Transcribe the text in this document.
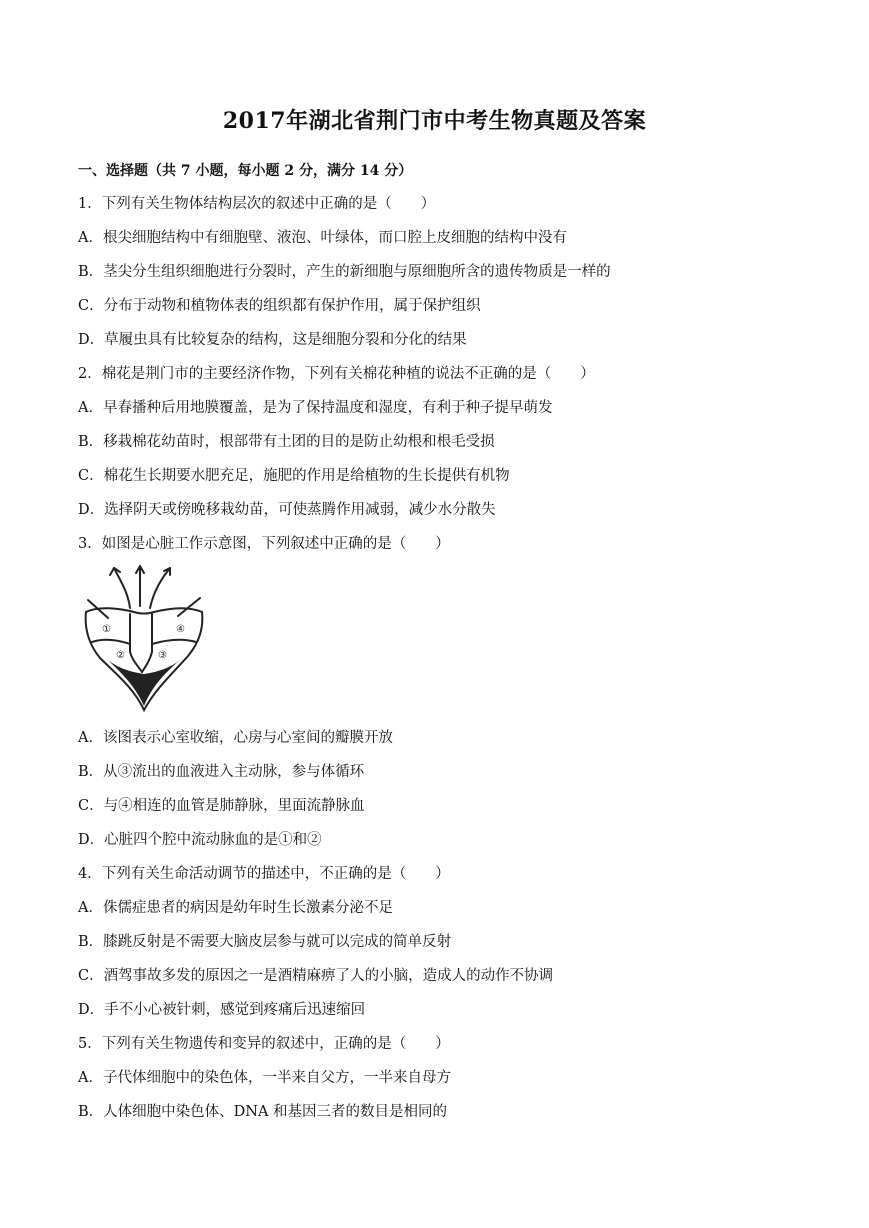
2017年湖北省荆门市中考生物真题及答案
一、选择题（共 7 小题，每小题 2 分，满分 14 分）
1．下列有关生物体结构层次的叙述中正确的是（　　）
A．根尖细胞结构中有细胞壁、液泡、叶绿体，而口腔上皮细胞的结构中没有
B．茎尖分生组织细胞进行分裂时，产生的新细胞与原细胞所含的遗传物质是一样的
C．分布于动物和植物体表的组织都有保护作用，属于保护组织
D．草履虫具有比较复杂的结构，这是细胞分裂和分化的结果
2．棉花是荆门市的主要经济作物，下列有关棉花种植的说法不正确的是（　　）
A．早春播种后用地膜覆盖，是为了保持温度和湿度，有利于种子提早萌发
B．移栽棉花幼苗时，根部带有土团的目的是防止幼根和根毛受损
C．棉花生长期要水肥充足，施肥的作用是给植物的生长提供有机物
D．选择阴天或傍晚移栽幼苗，可使蒸腾作用减弱，减少水分散失
3．如图是心脏工作示意图，下列叙述中正确的是（　　）
①
②	③
④
A．该图表示心室收缩，心房与心室间的瓣膜开放
B．从③流出的血液进入主动脉，参与体循环
C．与④相连的血管是肺静脉，里面流静脉血
D．心脏四个腔中流动脉血的是①和②
4．下列有关生命活动调节的描述中，不正确的是（　　）
A．侏儒症患者的病因是幼年时生长激素分泌不足
B．膝跳反射是不需要大脑皮层参与就可以完成的简单反射
C．酒驾事故多发的原因之一是酒精麻痹了人的小脑，造成人的动作不协调
D．手不小心被针刺，感觉到疼痛后迅速缩回
5．下列有关生物遗传和变异的叙述中，正确的是（　　）
A．子代体细胞中的染色体，一半来自父方，一半来自母方
B．人体细胞中染色体、DNA 和基因三者的数目是相同的
